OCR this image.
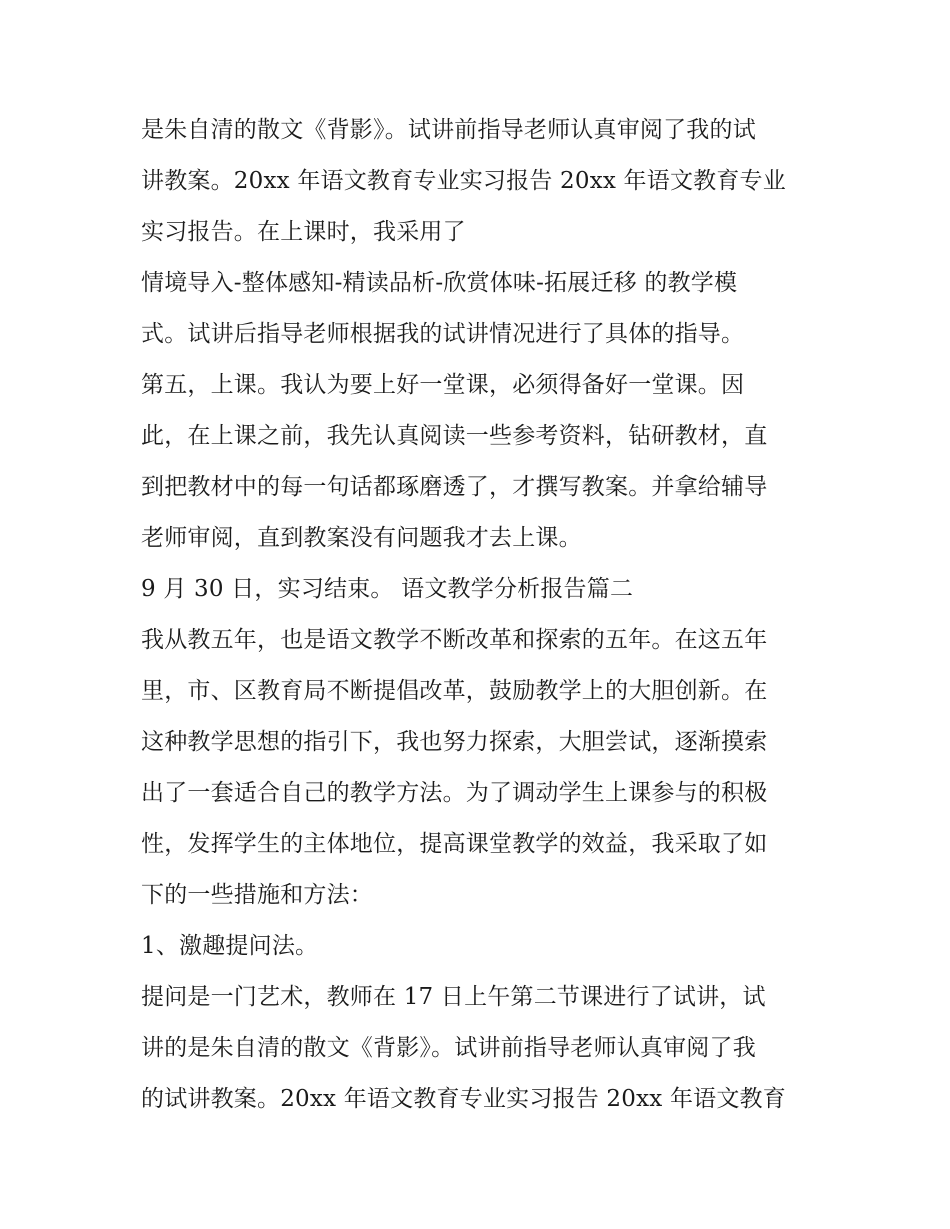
是朱自清的散文《背影》。试讲前指导老师认真审阅了我的试
讲教案。20xx 年语文教育专业实习报告 20xx 年语文教育专业
实习报告。在上课时，我采用了
情境导入-整体感知-精读品析-欣赏体味-拓展迁移 的教学模
式。试讲后指导老师根据我的试讲情况进行了具体的指导。
第五，上课。我认为要上好一堂课，必须得备好一堂课。因
此，在上课之前，我先认真阅读一些参考资料，钻研教材，直
到把教材中的每一句话都琢磨透了，才撰写教案。并拿给辅导
老师审阅，直到教案没有问题我才去上课。
9 月 30 日，实习结束。 语文教学分析报告篇二
我从教五年，也是语文教学不断改革和探索的五年。在这五年
里，市、区教育局不断提倡改革，鼓励教学上的大胆创新。在
这种教学思想的指引下，我也努力探索，大胆尝试，逐渐摸索
出了一套适合自己的教学方法。为了调动学生上课参与的积极
性，发挥学生的主体地位，提高课堂教学的效益，我采取了如
下的一些措施和方法：
1、激趣提问法。
提问是一门艺术，教师在 17 日上午第二节课进行了试讲，试
讲的是朱自清的散文《背影》。试讲前指导老师认真审阅了我
的试讲教案。20xx 年语文教育专业实习报告 20xx 年语文教育
